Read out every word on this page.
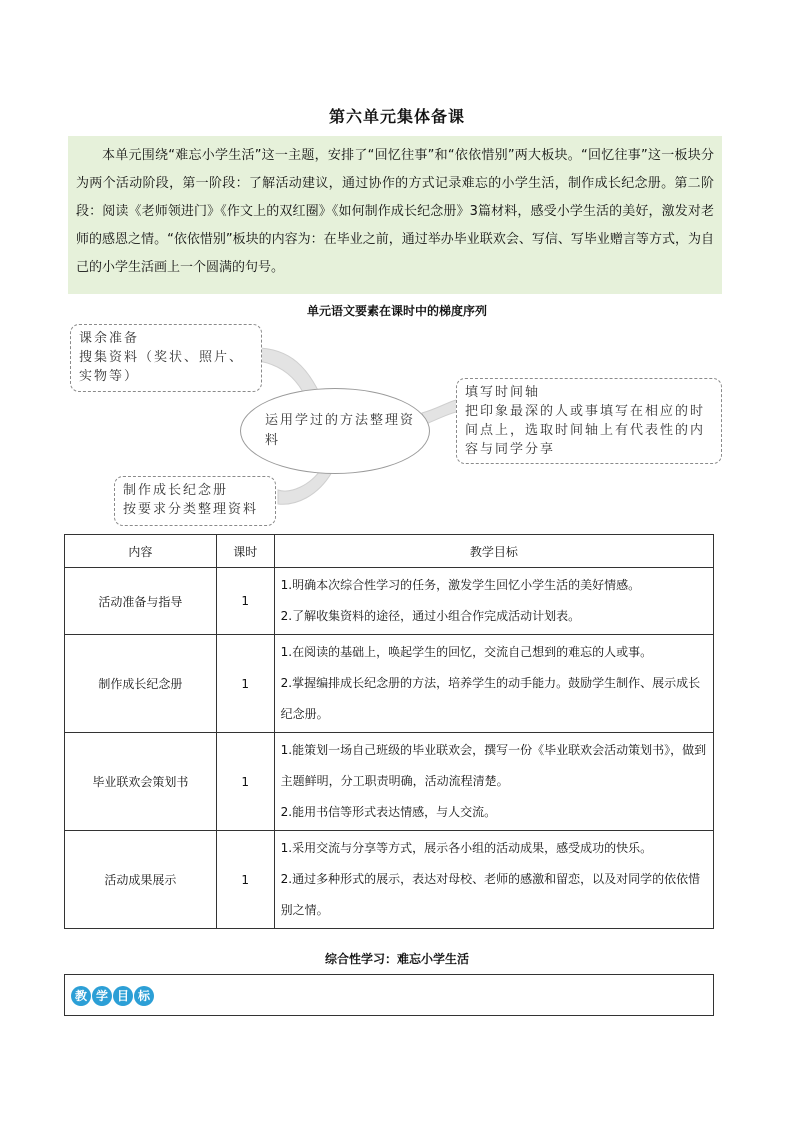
第六单元集体备课

本单元围绕“难忘小学生活”这一主题，安排了“回忆往事”和“依依惜别”两大板块。“回忆往事”这一板块分为两个活动阶段，第一阶段：了解活动建议，通过协作的方式记录难忘的小学生活，制作成长纪念册。第二阶段：阅读《老师领进门》《作文上的双红圈》《如何制作成长纪念册》3篇材料，感受小学生活的美好，激发对老师的感恩之情。“依依惜别”板块的内容为：在毕业之前，通过举办毕业联欢会、写信、写毕业赠言等方式，为自己的小学生活画上一个圆满的句号。

单元语文要素在课时中的梯度序列
课余准备
搜集资料（奖状、照片、实物等）
运用学过的方法整理资料
填写时间轴
把印象最深的人或事填写在相应的时间点上，选取时间轴上有代表性的内容与同学分享
制作成长纪念册
按要求分类整理资料
内容	课时	教学目标
活动准备与指导	1	1.明确本次综合性学习的任务，激发学生回忆小学生活的美好情感。
2.了解收集资料的途径，通过小组合作完成活动计划表。

制作成长纪念册	1	1.在阅读的基础上，唤起学生的回忆，交流自己想到的难忘的人或事。
2.掌握编排成长纪念册的方法，培养学生的动手能力。鼓励学生制作、展示成长纪念册。

毕业联欢会策划书	1	1.能策划一场自己班级的毕业联欢会，撰写一份《毕业联欢会活动策划书》，做到主题鲜明，分工职责明确，活动流程清楚。
2.能用书信等形式表达情感，与人交流。

活动成果展示	1	1.采用交流与分享等方式，展示各小组的活动成果，感受成功的快乐。
2.通过多种形式的展示，表达对母校、老师的感激和留恋，以及对同学的依依惜别之情。
综合性学习：难忘小学生活
教 学 目 标
